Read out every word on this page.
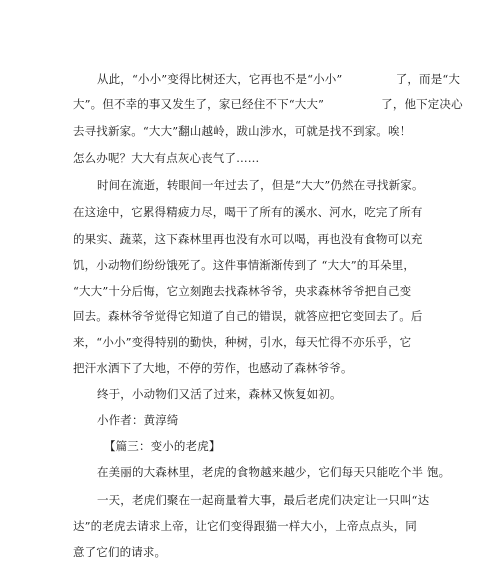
从此，“小小”变得比树还大，它再也不是“小小”              了，而是“大
大”。但不幸的事又发生了，家已经住不下“大大”               了，他下定决心
去寻找新家。“大大”翻山越岭，跋山涉水，可就是找不到家。唉！
怎么办呢？大大有点灰心丧气了……
时间在流逝，转眼间一年过去了，但是“大大”仍然在寻找新家。
在这途中，它累得精疲力尽，喝干了所有的溪水、河水，吃完了所有
的果实、蔬菜，这下森林里再也没有水可以喝，再也没有食物可以充
饥，小动物们纷纷饿死了。这件事情渐渐传到了 “大大”的耳朵里，
“大大”十分后悔，它立刻跑去找森林爷爷，央求森林爷爷把自己变
回去。森林爷爷觉得它知道了自己的错误，就答应把它变回去了。后
来，“小小”变得特别的勤快，种树，引水，每天忙得不亦乐乎，它
把汗水洒下了大地，不停的劳作，也感动了森林爷爷。
终于，小动物们又活了过来，森林又恢复如初。
小作者：黄淳绮
【篇三：变小的老虎】
在美丽的大森林里，老虎的食物越来越少，它们每天只能吃个半 饱。
一天，老虎们聚在一起商量着大事，最后老虎们决定让一只叫“达
达”的老虎去请求上帝，让它们变得跟猫一样大小，上帝点点头，同
意了它们的请求。
